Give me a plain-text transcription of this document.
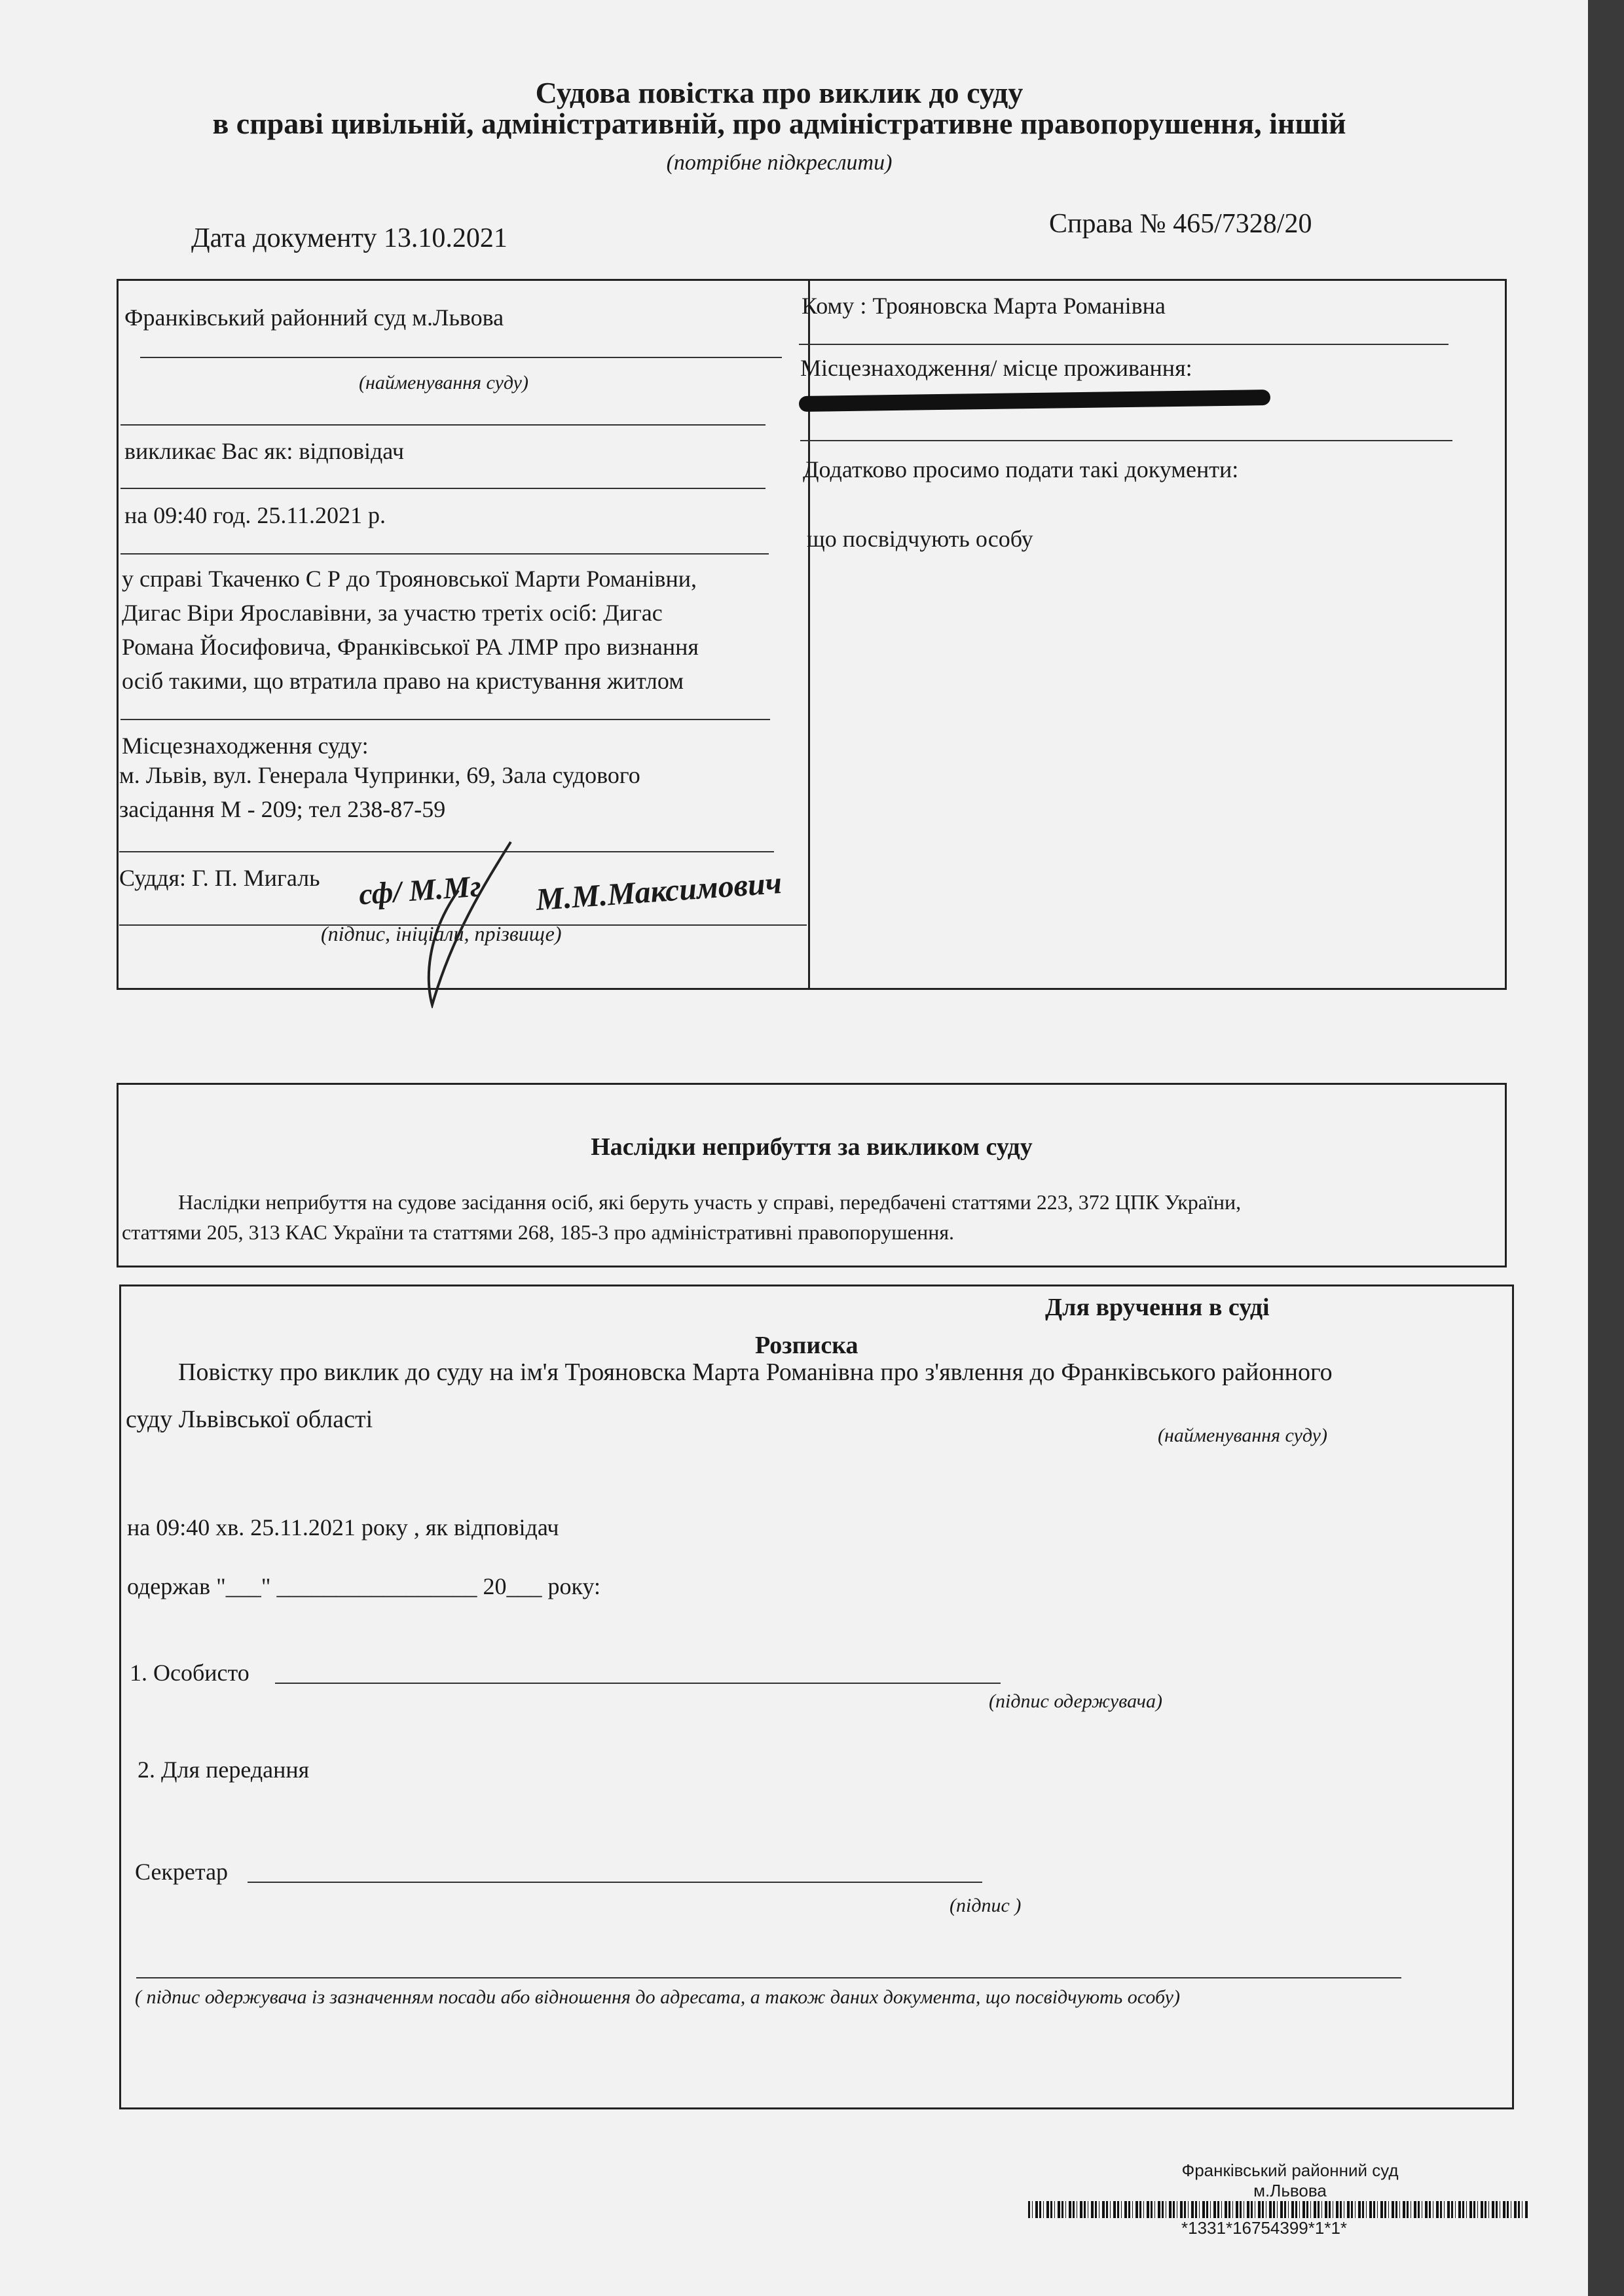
Судова повістка про виклик до суду
в справі цивільній, адміністративній, про адміністративне правопорушення, іншій
(потрібне підкреслити)
Дата документу 13.10.2021	Справа № 465/7328/20
Франківський районний суд м.Львова
(найменування суду)
викликає Вас як: відповідач
на 09:40 год. 25.11.2021 р.
у справі Ткаченко С Р до Трояновської Марти Романівни,
Дигас Віри Ярославівни, за участю третіх осіб: Дигас
Романа Йосифовича, Франківської РА ЛМР про визнання
осіб такими, що втратила право на кристування житлом
Місцезнаходження суду:
м. Львів, вул. Генерала Чупринки, 69, Зала судового
засідання М - 209; тел 238-87-59
Суддя: Г. П. Мигаль сф/ М.Мг М.М.Максимович
(підпис, ініціали, прізвище)
Кому : Трояновска Марта Романівна
Місцезнаходження/ місце проживання:
Додатково просимо подати такі документи:
що посвідчують особу
Наслідки неприбуття за викликом суду
Наслідки неприбуття на судове засідання осіб, які беруть участь у справі, передбачені статтями 223, 372 ЦПК України,
статтями 205, 313 КАС України та статтями 268, 185-3 про адміністративні правопорушення.
Для вручення в суді
Розписка
Повістку про виклик до суду на ім'я Трояновска Марта Романівна про з'явлення до Франківського районного
суду Львівської області
(найменування суду)
на 09:40 хв. 25.11.2021 року , як відповідач
одержав "___" _________________ 20___ року:
1. Особисто
(підпис одержувача)
2. Для передання
Секретар
(підпис )
( підпис одержувача із зазначенням посади або відношення до адресата, а також даних документа, що посвідчують особу)
Франківський районний суд
м.Львова
*1331*16754399*1*1*
